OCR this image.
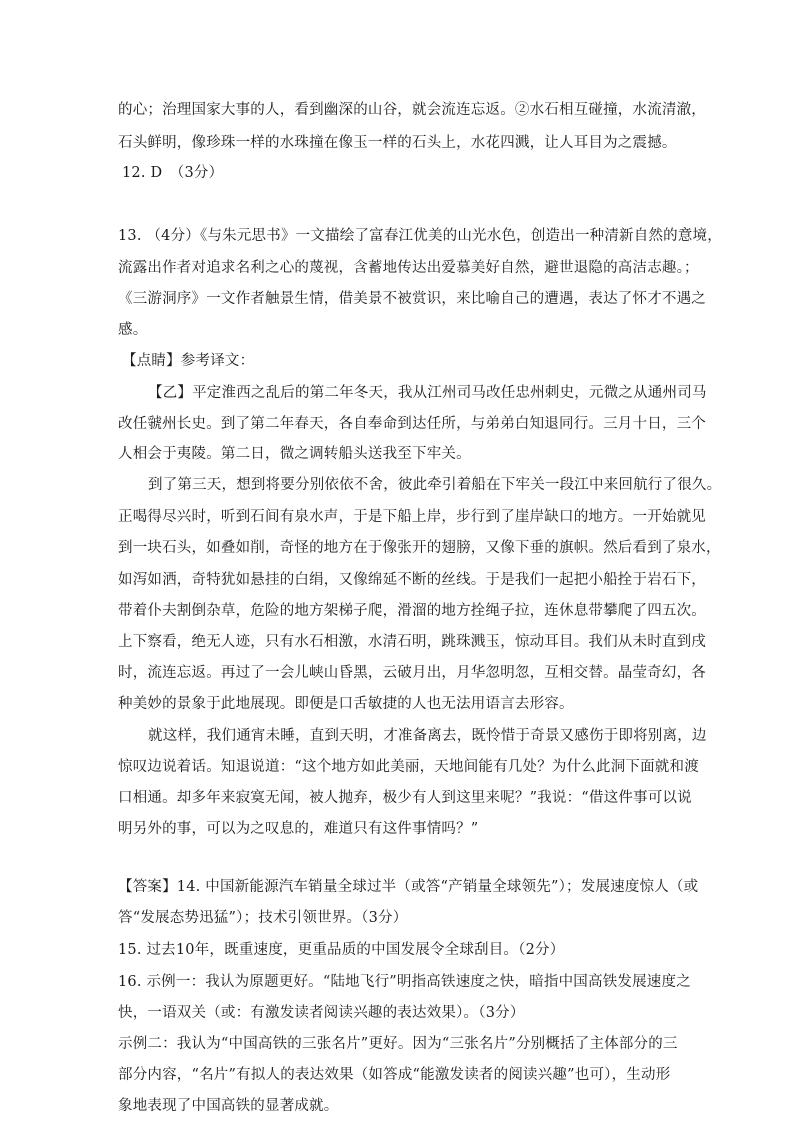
的心；治理国家大事的人，看到幽深的山谷，就会流连忘返。②水石相互碰撞，水流清澈，
石头鲜明，像珍珠一样的水珠撞在像玉一样的石头上，水花四溅，让人耳目为之震撼。
12. D　（3分）
13. （4分）《与朱元思书》一文描绘了富春江优美的山光水色，创造出一种清新自然的意境，
流露出作者对追求名利之心的蔑视，含蓄地传达出爱慕美好自然，避世退隐的高洁志趣。；
《三游洞序》一文作者触景生情，借美景不被赏识，来比喻自己的遭遇，表达了怀才不遇之
感。
【点睛】参考译文：
【乙】平定淮西之乱后的第二年冬天，我从江州司马改任忠州刺史，元微之从通州司马
改任虢州长史。到了第二年春天，各自奉命到达任所，与弟弟白知退同行。三月十日，三个
人相会于夷陵。第二日，微之调转船头送我至下牢关。
到了第三天，想到将要分别依依不舍，彼此牵引着船在下牢关一段江中来回航行了很久。
正喝得尽兴时，听到石间有泉水声，于是下船上岸，步行到了崖岸缺口的地方。一开始就见
到一块石头，如叠如削，奇怪的地方在于像张开的翅膀，又像下垂的旗帜。然后看到了泉水，
如泻如洒，奇特犹如悬挂的白绢，又像绵延不断的丝线。于是我们一起把小船拴于岩石下，
带着仆夫割倒杂草，危险的地方架梯子爬，滑溜的地方拴绳子拉，连休息带攀爬了四五次。
上下察看，绝无人迹，只有水石相激，水清石明，跳珠溅玉，惊动耳目。我们从未时直到戌
时，流连忘返。再过了一会儿峡山昏黑，云破月出，月华忽明忽，互相交替。晶莹奇幻，各
种美妙的景象于此地展现。即便是口舌敏捷的人也无法用语言去形容。
就这样，我们通宵未睡，直到天明，才准备离去，既怜惜于奇景又感伤于即将别离，边
惊叹边说着话。知退说道：“这个地方如此美丽，天地间能有几处？为什么此洞下面就和渡
口相通。却多年来寂寞无闻，被人抛弃，极少有人到这里来呢？”我说：“借这件事可以说
明另外的事，可以为之叹息的，难道只有这件事情吗？”
【答案】14. 中国新能源汽车销量全球过半（或答“产销量全球领先”）；发展速度惊人（或
答“发展态势迅猛”）；技术引领世界。（3分）
15. 过去10年，既重速度，更重品质的中国发展令全球刮目。（2分）
16. 示例一：我认为原题更好。“陆地飞行”明指高铁速度之快，暗指中国高铁发展速度之
快，一语双关（或：有激发读者阅读兴趣的表达效果）。（3分）
示例二：我认为“中国高铁的三张名片”更好。因为“三张名片”分别概括了主体部分的三
部分内容，“名片”有拟人的表达效果（如答成“能激发读者的阅读兴趣”也可），生动形
象地表现了中国高铁的显著成就。
